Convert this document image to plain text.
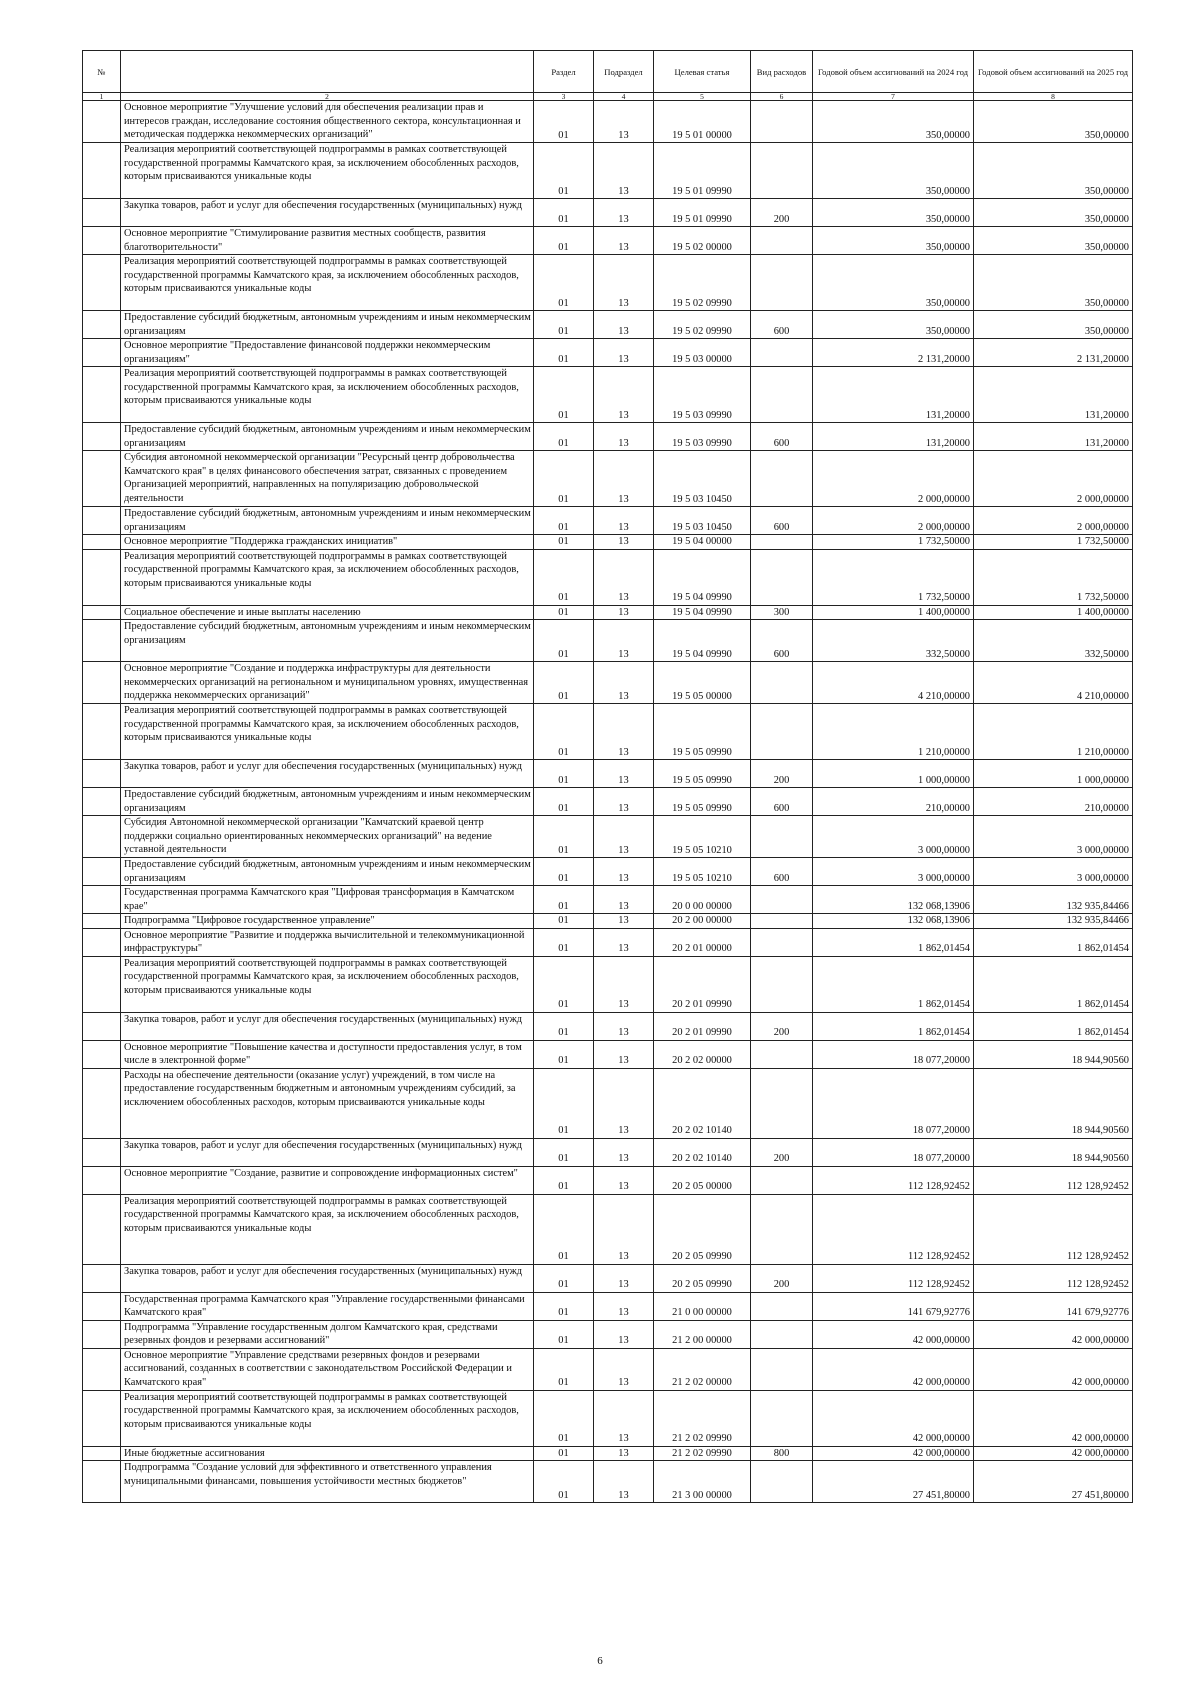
№		Раздел	Подраздел	Целевая статья	Вид расходов	Годовой объем ассигнований на 2024 год	Годовой объем ассигнований на 2025 год
1	2	3	4	5	6	7	8
	Основное мероприятие "Улучшение условий для обеспечения реализации прав и интересов граждан, исследование состояния общественного сектора, консультационная и методическая поддержка некоммерческих организаций"	01	13	19 5 01 00000		350,00000	350,00000
	Реализация мероприятий соответствующей подпрограммы в рамках соответствующей государственной программы Камчатского края, за исключением обособленных расходов, которым присваиваются уникальные коды	01	13	19 5 01 09990		350,00000	350,00000
	Закупка товаров, работ и услуг для обеспечения государственных (муниципальных) нужд	01	13	19 5 01 09990	200	350,00000	350,00000
	Основное мероприятие "Стимулирование развития местных сообществ, развития благотворительности"	01	13	19 5 02 00000		350,00000	350,00000
	Реализация мероприятий соответствующей подпрограммы в рамках соответствующей государственной программы Камчатского края, за исключением обособленных расходов, которым присваиваются уникальные коды	01	13	19 5 02 09990		350,00000	350,00000
	Предоставление субсидий бюджетным, автономным учреждениям и иным некоммерческим организациям	01	13	19 5 02 09990	600	350,00000	350,00000
	Основное мероприятие "Предоставление финансовой поддержки некоммерческим организациям"	01	13	19 5 03 00000		2 131,20000	2 131,20000
	Реализация мероприятий соответствующей подпрограммы в рамках соответствующей государственной программы Камчатского края, за исключением обособленных расходов, которым присваиваются уникальные коды	01	13	19 5 03 09990		131,20000	131,20000
	Предоставление субсидий бюджетным, автономным учреждениям и иным некоммерческим организациям	01	13	19 5 03 09990	600	131,20000	131,20000
	Субсидия автономной некоммерческой организации "Ресурсный центр добровольчества Камчатского края" в целях финансового обеспечения затрат, связанных с проведением Организацией мероприятий, направленных на популяризацию добровольческой деятельности	01	13	19 5 03 10450		2 000,00000	2 000,00000
	Предоставление субсидий бюджетным, автономным учреждениям и иным некоммерческим организациям	01	13	19 5 03 10450	600	2 000,00000	2 000,00000
	Основное мероприятие "Поддержка гражданских инициатив"	01	13	19 5 04 00000		1 732,50000	1 732,50000
	Реализация мероприятий соответствующей подпрограммы в рамках соответствующей государственной программы Камчатского края, за исключением обособленных расходов, которым присваиваются уникальные коды	01	13	19 5 04 09990		1 732,50000	1 732,50000
	Социальное обеспечение и иные выплаты населению	01	13	19 5 04 09990	300	1 400,00000	1 400,00000
	Предоставление субсидий бюджетным, автономным учреждениям и иным некоммерческим организациям	01	13	19 5 04 09990	600	332,50000	332,50000
	Основное мероприятие "Создание и поддержка инфраструктуры для деятельности некоммерческих организаций на региональном и муниципальном уровнях, имущественная поддержка некоммерческих организаций"	01	13	19 5 05 00000		4 210,00000	4 210,00000
	Реализация мероприятий соответствующей подпрограммы в рамках соответствующей государственной программы Камчатского края, за исключением обособленных расходов, которым присваиваются уникальные коды	01	13	19 5 05 09990		1 210,00000	1 210,00000
	Закупка товаров, работ и услуг для обеспечения государственных (муниципальных) нужд	01	13	19 5 05 09990	200	1 000,00000	1 000,00000
	Предоставление субсидий бюджетным, автономным учреждениям и иным некоммерческим организациям	01	13	19 5 05 09990	600	210,00000	210,00000
	Субсидия Автономной некоммерческой организации "Камчатский краевой центр поддержки социально ориентированных некоммерческих организаций" на ведение уставной деятельности	01	13	19 5 05 10210		3 000,00000	3 000,00000
	Предоставление субсидий бюджетным, автономным учреждениям и иным некоммерческим организациям	01	13	19 5 05 10210	600	3 000,00000	3 000,00000
	Государственная программа Камчатского края "Цифровая трансформация в Камчатском крае"	01	13	20 0 00 00000		132 068,13906	132 935,84466
	Подпрограмма "Цифровое государственное управление"	01	13	20 2 00 00000		132 068,13906	132 935,84466
	Основное мероприятие "Развитие и поддержка вычислительной и телекоммуникационной инфраструктуры"	01	13	20 2 01 00000		1 862,01454	1 862,01454
	Реализация мероприятий соответствующей подпрограммы в рамках соответствующей государственной программы Камчатского края, за исключением обособленных расходов, которым присваиваются уникальные коды	01	13	20 2 01 09990		1 862,01454	1 862,01454
	Закупка товаров, работ и услуг для обеспечения государственных (муниципальных) нужд	01	13	20 2 01 09990	200	1 862,01454	1 862,01454
	Основное мероприятие "Повышение качества и доступности предоставления услуг, в том числе в электронной форме"	01	13	20 2 02 00000		18 077,20000	18 944,90560
	Расходы на обеспечение деятельности (оказание услуг) учреждений, в том числе на предоставление государственным бюджетным и автономным учреждениям субсидий, за исключением обособленных расходов, которым присваиваются уникальные коды	01	13	20 2 02 10140		18 077,20000	18 944,90560
	Закупка товаров, работ и услуг для обеспечения государственных (муниципальных) нужд	01	13	20 2 02 10140	200	18 077,20000	18 944,90560
	Основное мероприятие "Создание, развитие и сопровождение информационных систем"	01	13	20 2 05 00000		112 128,92452	112 128,92452
	Реализация мероприятий соответствующей подпрограммы в рамках соответствующей государственной программы Камчатского края, за исключением обособленных расходов, которым присваиваются уникальные коды	01	13	20 2 05 09990		112 128,92452	112 128,92452
	Закупка товаров, работ и услуг для обеспечения государственных (муниципальных) нужд	01	13	20 2 05 09990	200	112 128,92452	112 128,92452
	Государственная программа Камчатского края "Управление государственными финансами Камчатского края"	01	13	21 0 00 00000		141 679,92776	141 679,92776
	Подпрограмма "Управление государственным долгом Камчатского края, средствами резервных фондов и резервами ассигнований"	01	13	21 2 00 00000		42 000,00000	42 000,00000
	Основное мероприятие "Управление средствами резервных фондов и резервами ассигнований, созданных в соответствии с законодательством Российской Федерации и Камчатского края"	01	13	21 2 02 00000		42 000,00000	42 000,00000
	Реализация мероприятий соответствующей подпрограммы в рамках соответствующей государственной программы Камчатского края, за исключением обособленных расходов, которым присваиваются уникальные коды	01	13	21 2 02 09990		42 000,00000	42 000,00000
	Иные бюджетные ассигнования	01	13	21 2 02 09990	800	42 000,00000	42 000,00000
	Подпрограмма "Создание условий для эффективного и ответственного управления муниципальными финансами, повышения устойчивости местных бюджетов"	01	13	21 3 00 00000		27 451,80000	27 451,80000
6
